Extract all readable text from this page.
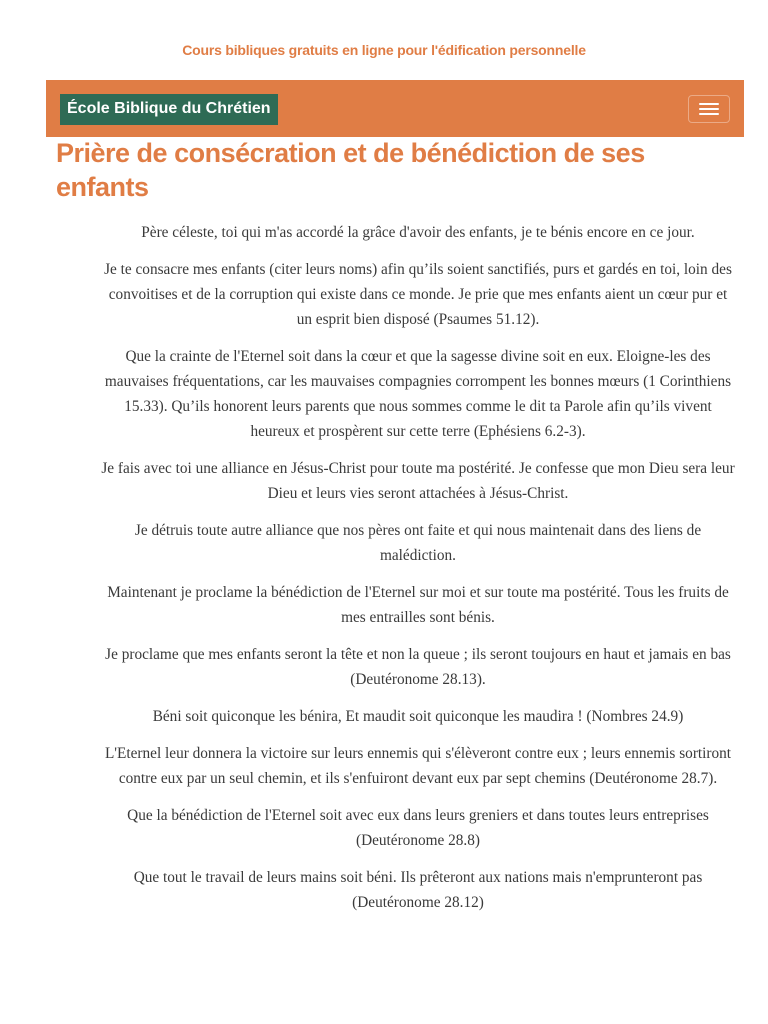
Cours bibliques gratuits en ligne pour l'édification personnelle
École Biblique du Chrétien
Prière de consécration et de bénédiction de ses enfants

Père céleste, toi qui m'as accordé la grâce d'avoir des enfants, je te bénis encore en ce jour.

Je te consacre mes enfants (citer leurs noms) afin qu’ils soient sanctifiés, purs et gardés en toi, loin des convoitises et de la corruption qui existe dans ce monde. Je prie que mes enfants aient un cœur pur et un esprit bien disposé (Psaumes 51.12).

Que la crainte de l'Eternel soit dans la cœur et que la sagesse divine soit en eux. Eloigne-les des mauvaises fréquentations, car les mauvaises compagnies corrompent les bonnes mœurs (1 Corinthiens 15.33). Qu’ils honorent leurs parents que nous sommes comme le dit ta Parole afin qu’ils vivent heureux et prospèrent sur cette terre (Ephésiens 6.2-3).

Je fais avec toi une alliance en Jésus-Christ pour toute ma postérité. Je confesse que mon Dieu sera leur Dieu et leurs vies seront attachées à Jésus-Christ.

Je détruis toute autre alliance que nos pères ont faite et qui nous maintenait dans des liens de malédiction.

Maintenant je proclame la bénédiction de l'Eternel sur moi et sur toute ma postérité. Tous les fruits de mes entrailles sont bénis.

Je proclame que mes enfants seront la tête et non la queue ; ils seront toujours en haut et jamais en bas (Deutéronome 28.13).

Béni soit quiconque les bénira, Et maudit soit quiconque les maudira ! (Nombres 24.9)

L'Eternel leur donnera la victoire sur leurs ennemis qui s'élèveront contre eux ; leurs ennemis sortiront contre eux par un seul chemin, et ils s'enfuiront devant eux par sept chemins (Deutéronome 28.7).

Que la bénédiction de l'Eternel soit avec eux dans leurs greniers et dans toutes leurs entreprises (Deutéronome 28.8)

Que tout le travail de leurs mains soit béni. Ils prêteront aux nations mais n'emprunteront pas (Deutéronome 28.12)
